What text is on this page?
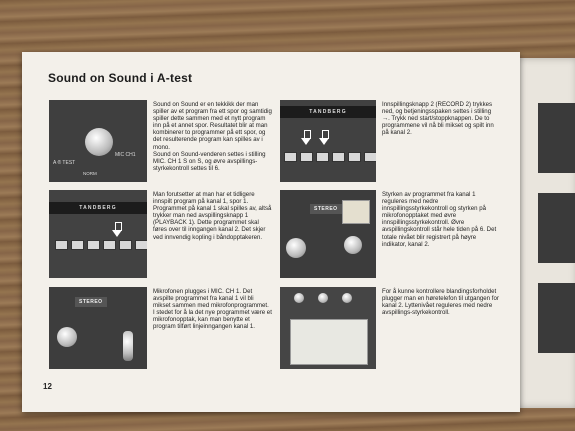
Sound on Sound i A-test
A ® TEST
MIC CH1
NORM
TANDBERG
STEREO
TANDBERG
STEREO
Sound on Sound er en tekkikk der man spiller av et program fra ett spor og samtidig spiller dette sammen med et nytt program inn på et annet spor. Resultatet blir at man kombinerer to programmer på ett spor, og det resulterende program kan spilles av i mono.
Sound on Sound-venderen settes i stilling MIC. CH 1 S on S, og øvre avspillings-styrkekontroll settes til 6.
Man forutsetter at man har et tidligere innspilt program på kanal 1, spor 1.
Programmet på kanal 1 skal spilles av, altså trykker man ned avspillingsknapp 1 (PLAYBACK 1). Dette programmet skal føres over til inngangen kanal 2. Det skjer ved innvendig kopling i båndopptakeren.
Mikrofonen plugges i MIC. CH 1. Det avspilte programmet fra kanal 1 vil bli mikset sammen med mikrofonprogrammet. I stedet for å la det nye programmet være et mikrofonopptak, kan man benytte et program tilført linjeinngangen kanal 1.
Innspillingsknapp 2 (RECORD 2) trykkes ned, og betjeningsspaken settes i stilling →. Trykk ned start/stoppknappen. De to programmene vil nå bli mikset og spilt inn på kanal 2.
Styrken av programmet fra kanal 1 reguleres med nedre innspillingsstyrkekontroll og styrken på mikrofonopptaket med øvre innspillingsstyrkekontroll. Øvre avspillingskontroll står hele tiden på 6. Det totale nivået blir registrert på høyre indikator, kanal 2.
For å kunne kontrollere blandingsforholdet plugger man en høretelefon til utgangen for kanal 2. Lyttenivået reguleres med nedre avspillings-styrkekontroll.
12
